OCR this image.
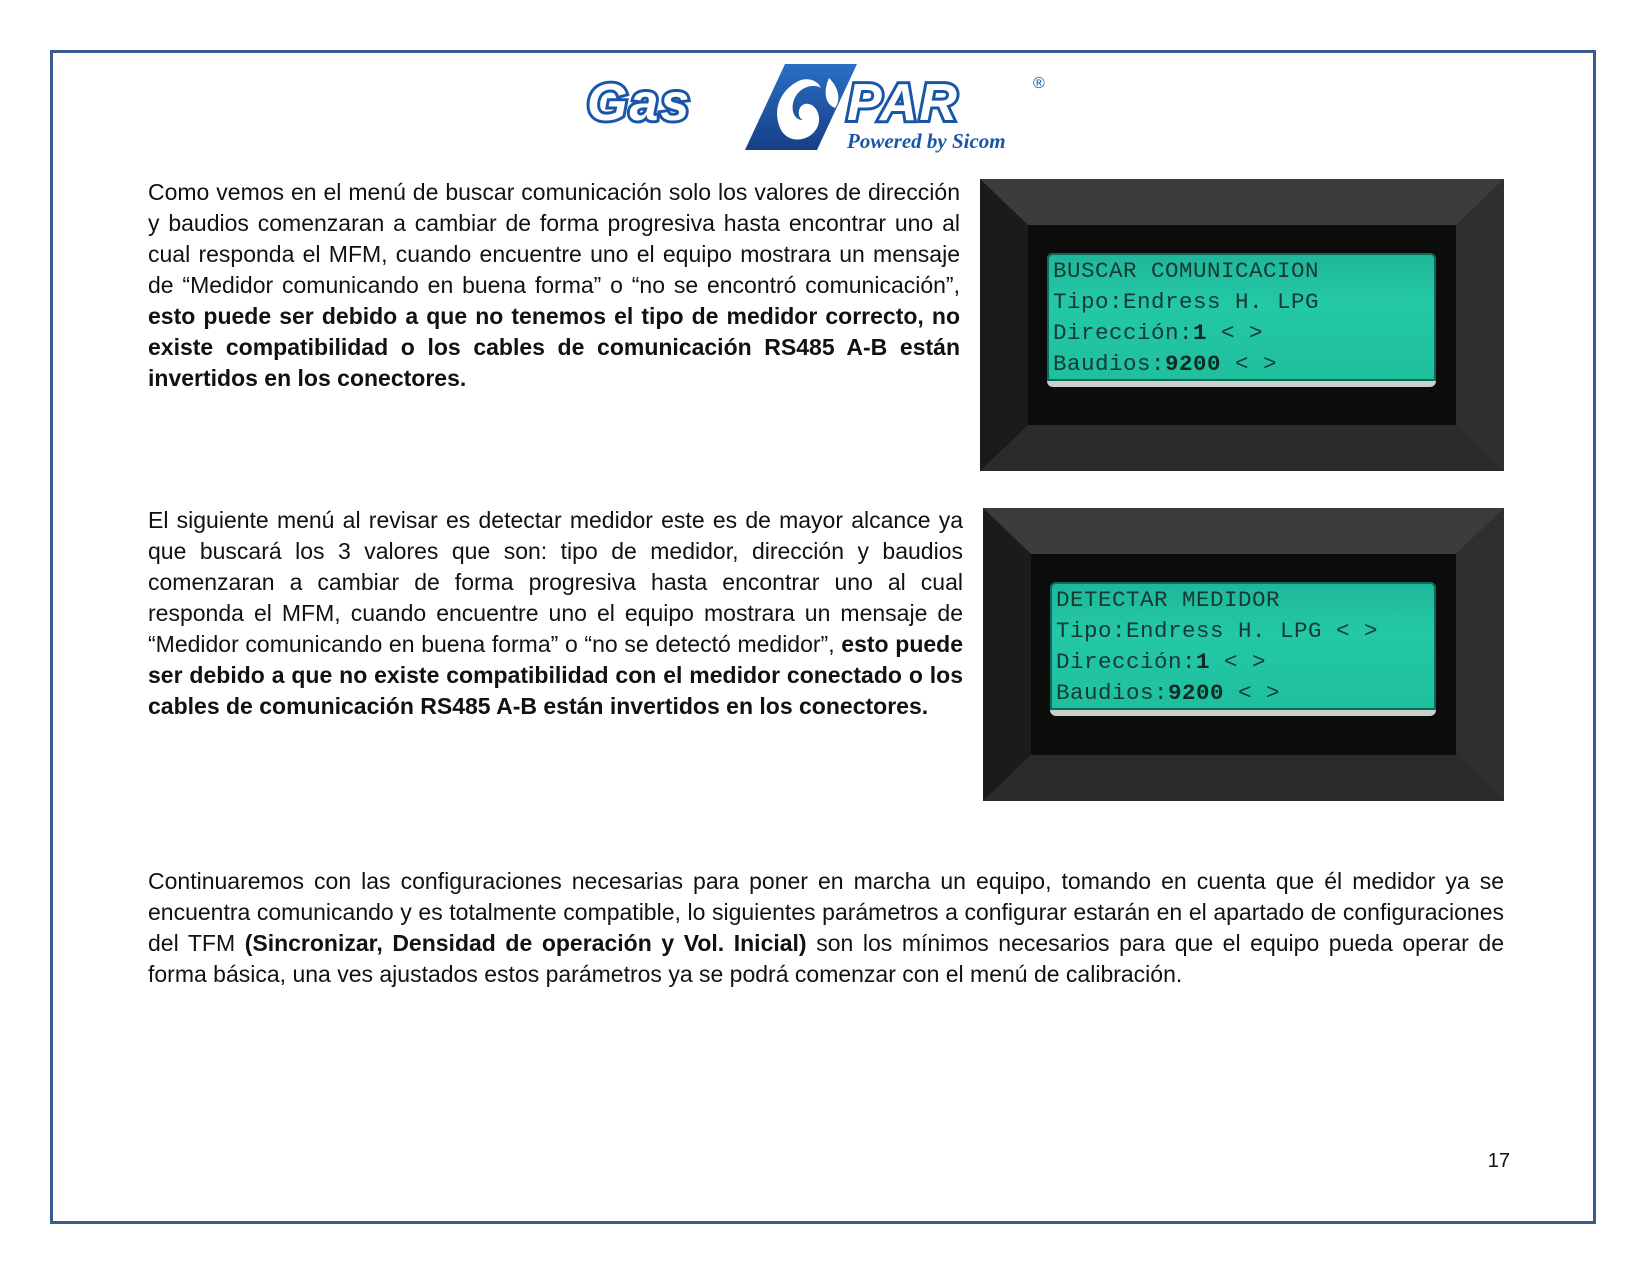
Gas	PAR	®
Powered by Sicom

Como vemos en el menú de buscar comunicación solo los valores de dirección y baudios comenzaran a cambiar de forma progresiva hasta encontrar uno al cual responda el MFM, cuando encuentre uno el equipo mostrara un mensaje de “Medidor comunicando en buena forma” o “no se encontró comunicación”, esto puede ser debido a que no tenemos el tipo de medidor correcto, no existe compatibilidad o los cables de comunicación RS485 A-B están invertidos en los conectores.

BUSCAR COMUNICACION
Tipo:Endress H. LPG
Dirección:1 < >
Baudios:9200 < >

El siguiente menú al revisar es detectar medidor este es de mayor alcance ya que buscará los 3 valores que son: tipo de medidor, dirección y baudios comenzaran a cambiar de forma progresiva hasta encontrar uno al cual responda el MFM, cuando encuentre uno el equipo mostrara un mensaje de “Medidor comunicando en buena forma” o “no se detectó medidor”, esto puede ser debido a que no existe compatibilidad con el medidor conectado o los cables de comunicación RS485 A-B están invertidos en los conectores.

DETECTAR MEDIDOR
Tipo:Endress H. LPG < >
Dirección:1 < >
Baudios:9200 < >

Continuaremos con las configuraciones necesarias para poner en marcha un equipo, tomando en cuenta que él medidor ya se encuentra comunicando y es totalmente compatible, lo siguientes parámetros a configurar estarán en el apartado de configuraciones del TFM (Sincronizar, Densidad de operación y Vol. Inicial) son los mínimos necesarios para que el equipo pueda operar de forma básica, una ves ajustados estos parámetros ya se podrá comenzar con el menú de calibración.

17
